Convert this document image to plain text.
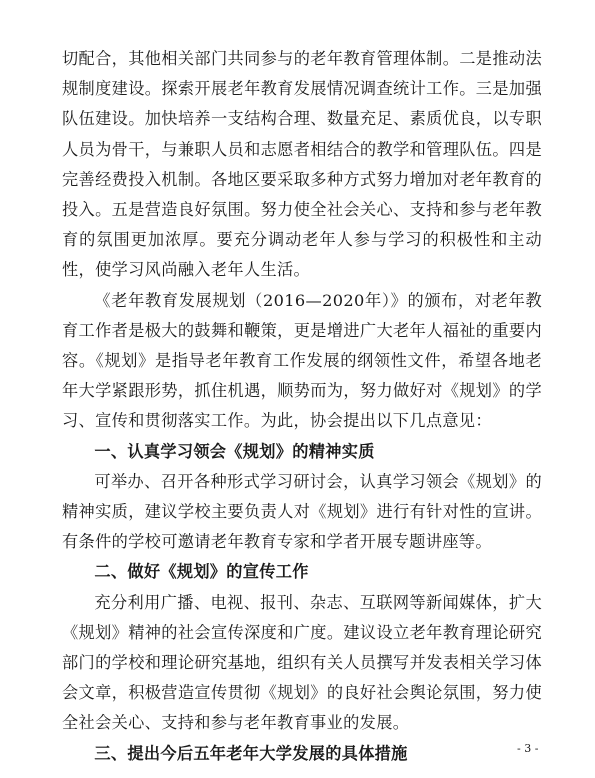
切配合，其他相关部门共同参与的老年教育管理体制。二是推动法规制度建设。探索开展老年教育发展情况调查统计工作。三是加强队伍建设。加快培养一支结构合理、数量充足、素质优良，以专职人员为骨干，与兼职人员和志愿者相结合的教学和管理队伍。四是完善经费投入机制。各地区要采取多种方式努力增加对老年教育的投入。五是营造良好氛围。努力使全社会关心、支持和参与老年教育的氛围更加浓厚。要充分调动老年人参与学习的积极性和主动性，使学习风尚融入老年人生活。

《老年教育发展规划（2016—2020年）》的颁布，对老年教育工作者是极大的鼓舞和鞭策，更是增进广大老年人福祉的重要内容。《规划》是指导老年教育工作发展的纲领性文件，希望各地老年大学紧跟形势，抓住机遇，顺势而为，努力做好对《规划》的学习、宣传和贯彻落实工作。为此，协会提出以下几点意见：

一、认真学习领会《规划》的精神实质

可举办、召开各种形式学习研讨会，认真学习领会《规划》的精神实质，建议学校主要负责人对《规划》进行有针对性的宣讲。有条件的学校可邀请老年教育专家和学者开展专题讲座等。

二、做好《规划》的宣传工作

充分利用广播、电视、报刊、杂志、互联网等新闻媒体，扩大《规划》精神的社会宣传深度和广度。建议设立老年教育理论研究部门的学校和理论研究基地，组织有关人员撰写并发表相关学习体会文章，积极营造宣传贯彻《规划》的良好社会舆论氛围，努力使全社会关心、支持和参与老年教育事业的发展。

三、提出今后五年老年大学发展的具体措施	- 3 -
